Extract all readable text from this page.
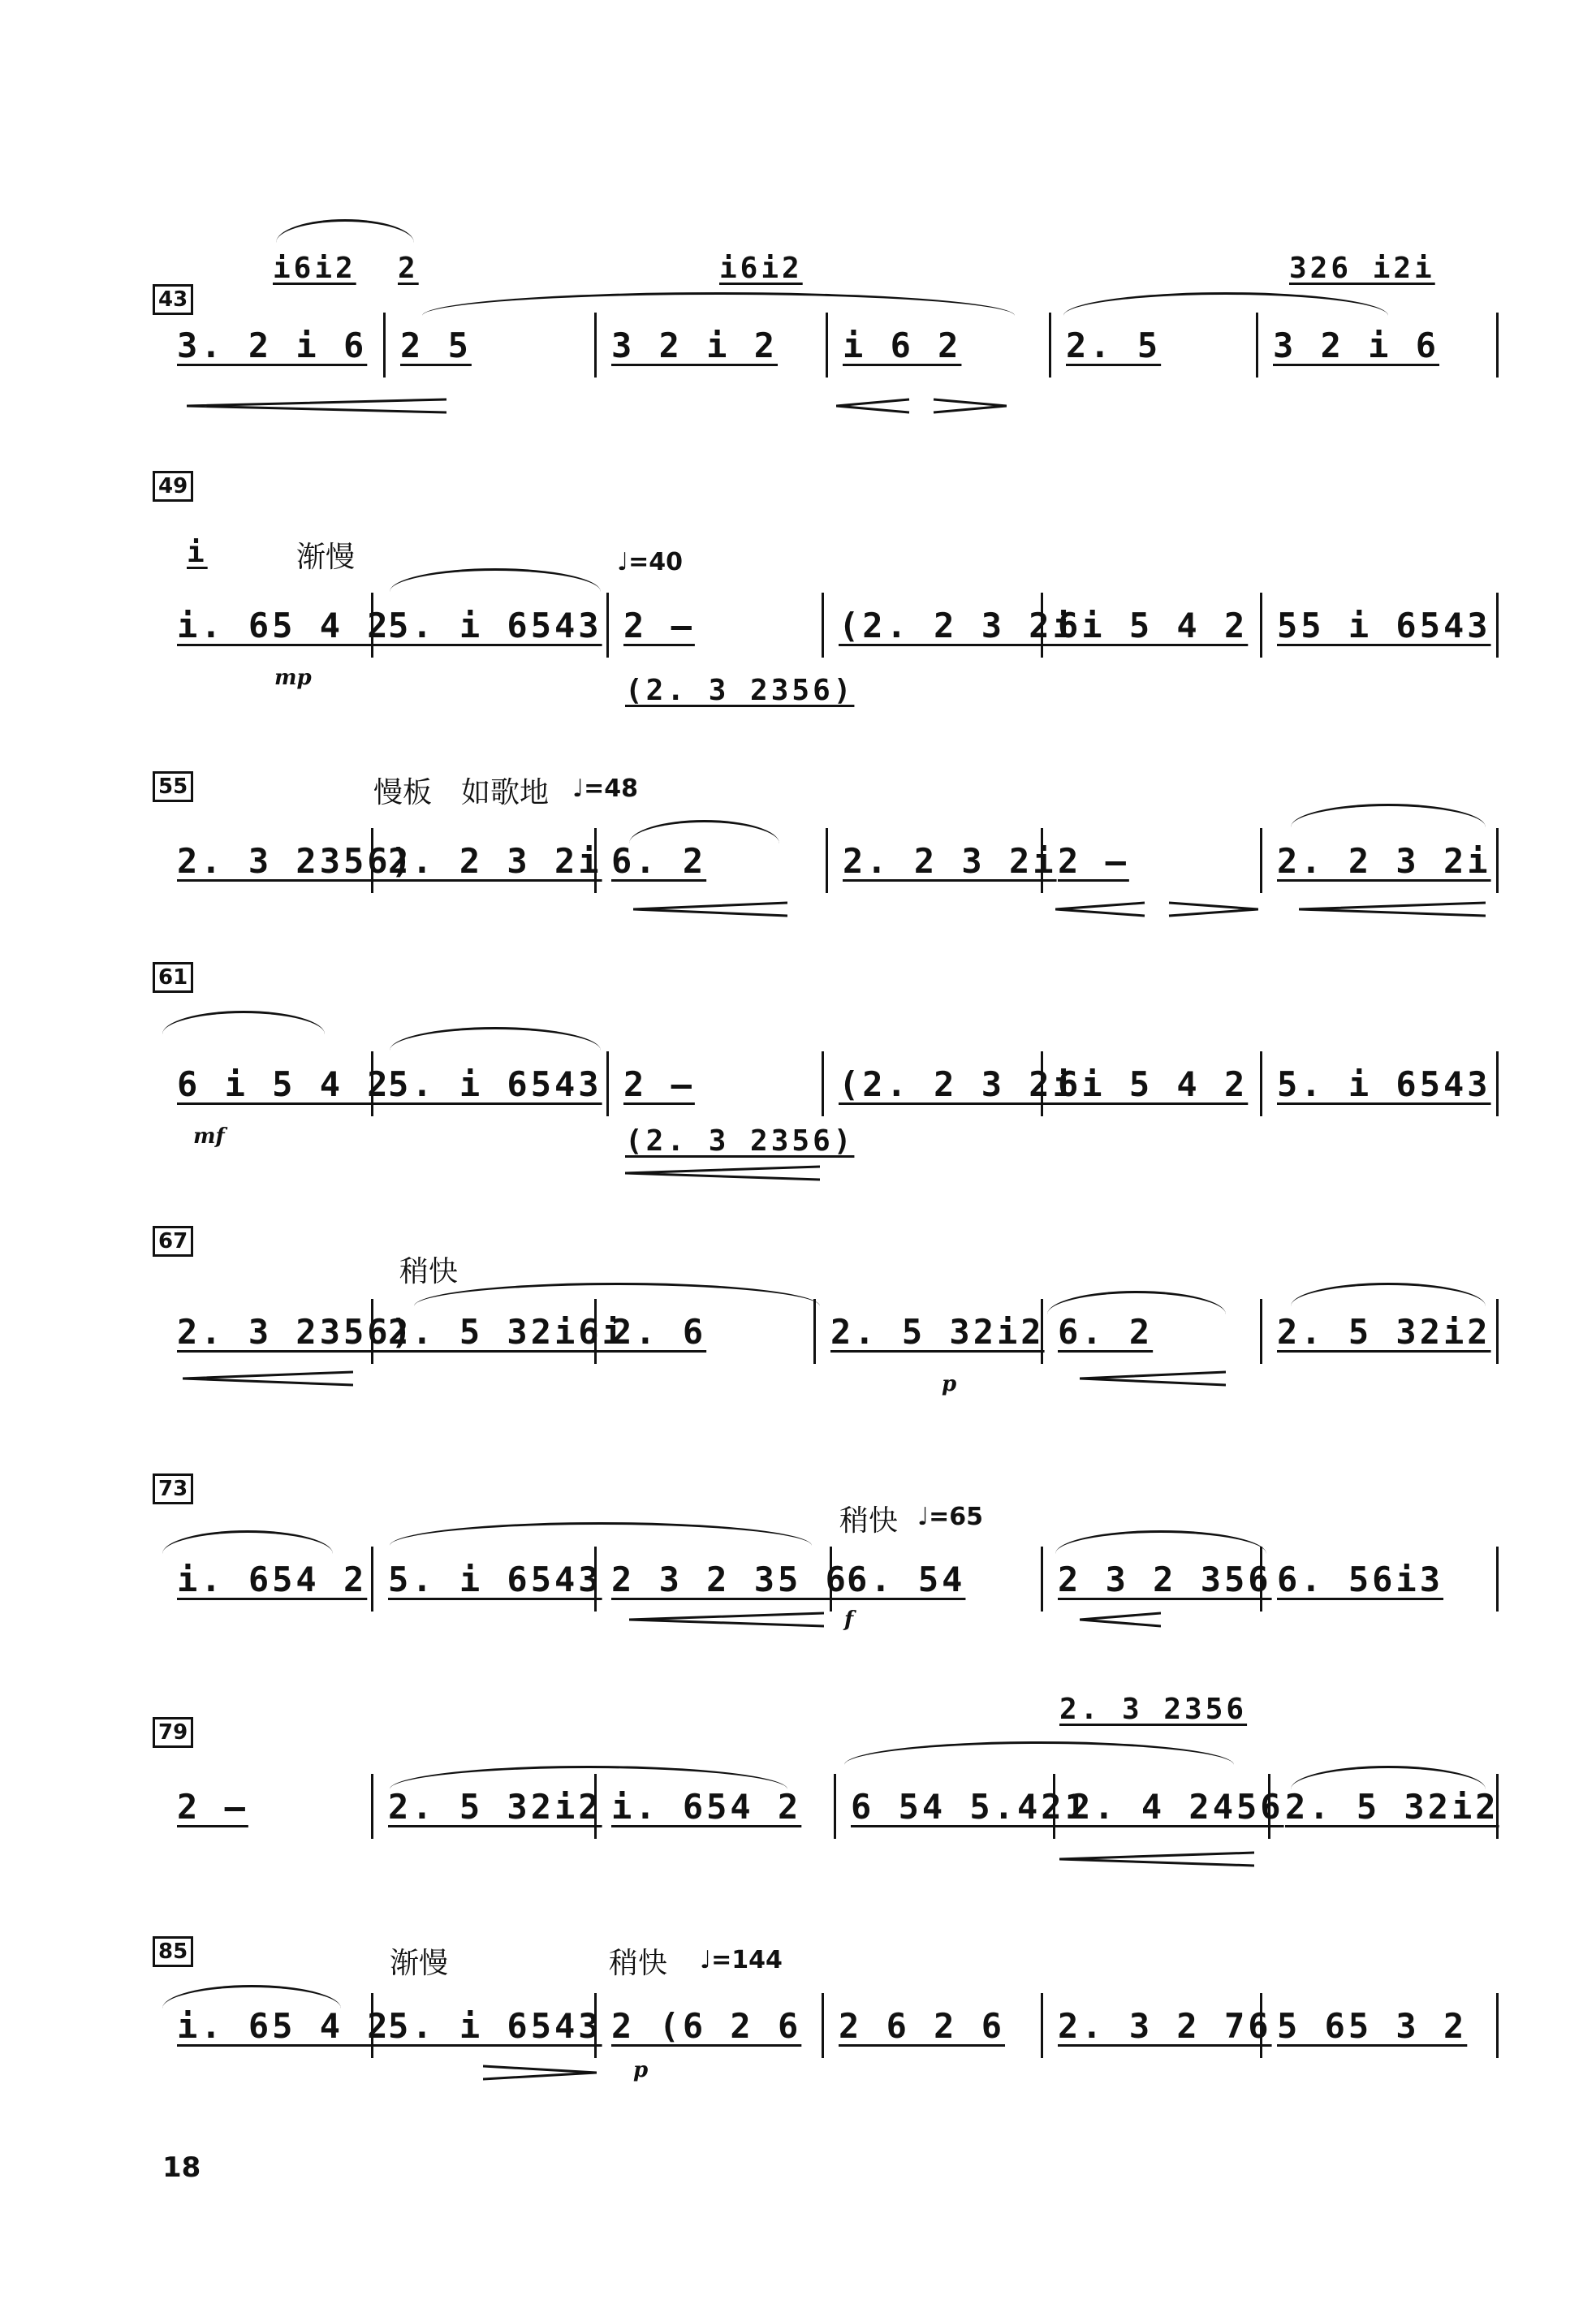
43
i6i2 2	i6i2	326 i2i
3. 2 i 6 2 5	3 2 i 2 i 6 2	2. 5	3 2 i 6
49
i	渐慢	♩=40
i. 65 4 2
5. i 6543 2 –	(2. 2 3 2i
6i 5 4 2 55 i 6543
mp	(2. 3 2356)
55	慢板 如歌地 ♩=48
2. 3 2356)
2. 2 3 2i 6. 2	2. 2 3 2i 2 –	2. 2 3 2i
61
6 i 5 4 2
5. i 6543 2 –	(2. 2 3 2i
6i 5 4 2 5. i 6543
mf	(2. 3 2356)
67
稍快
2. 3 2356)
2. 5 32i6i
2. 6	2. 5 32i2 6. 2	2. 5 32i2
p
73
稍快 ♩=65
i. 654 2 5. i 6543 2 3 2 35 6
6. 54	2 3 2 356 6. 56i3
f
79
2. 3 2356
2 –	2. 5 32i2 i. 654 2 6 54 5.421
2. 4 2456 2. 5 32i2
85	渐慢	稍快 ♩=144
i. 65 4 2
5. i 6543 2 (6 2 6 2 6 2 6 2. 3 2 76 5 65 3 2
p
18
